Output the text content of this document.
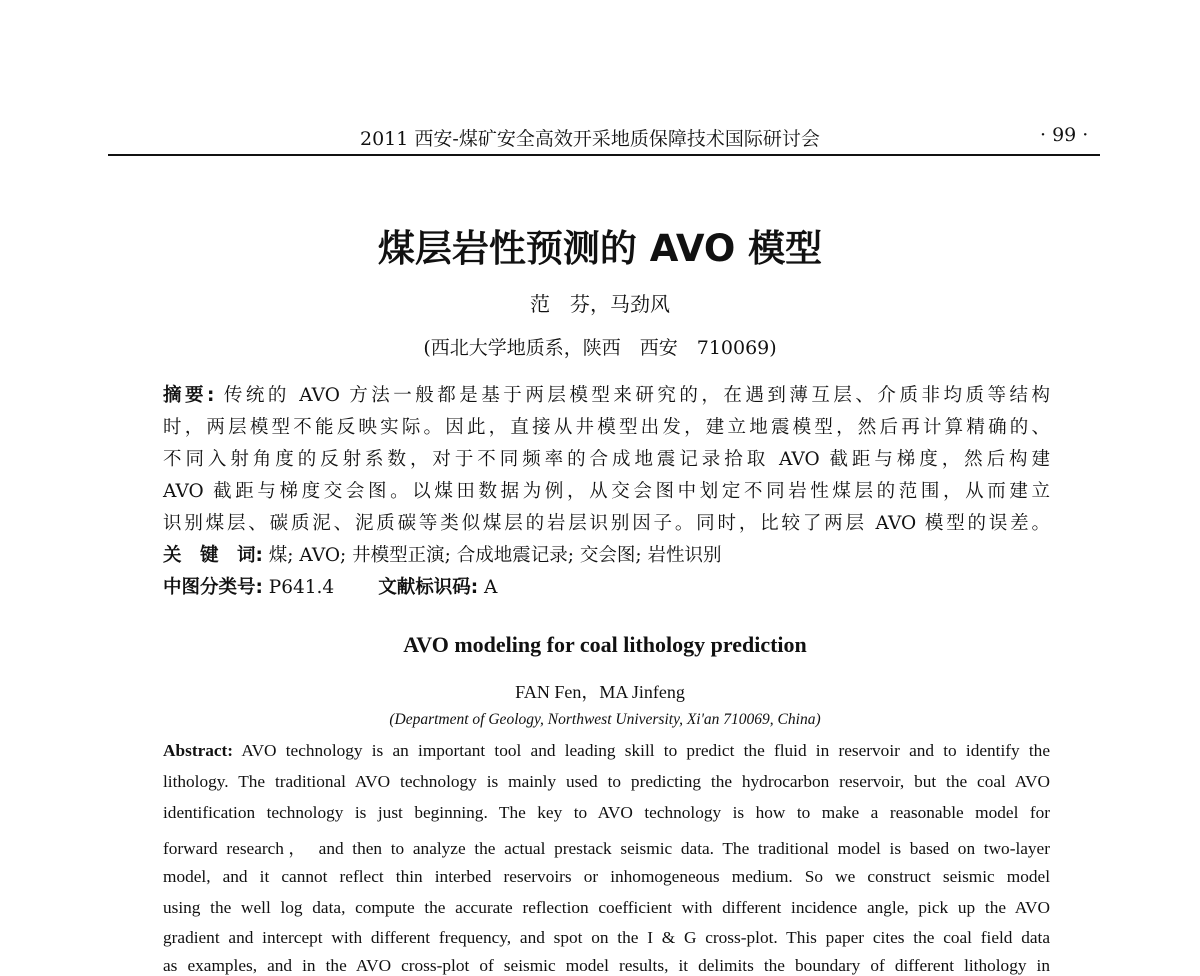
2011 西安-煤矿安全高效开采地质保障技术国际研讨会	· 99 ·
煤层岩性预测的 AVO 模型
范　芬，马劲风
(西北大学地质系，陕西　西安　710069)
摘要: 传统的 AVO 方法一般都是基于两层模型来研究的，在遇到薄互层、介质非均质等结构
时，两层模型不能反映实际。因此，直接从井模型出发，建立地震模型，然后再计算精确的、
不同入射角度的反射系数，对于不同频率的合成地震记录拾取 AVO 截距与梯度，然后构建
AVO 截距与梯度交会图。以煤田数据为例，从交会图中划定不同岩性煤层的范围，从而建立
识别煤层、碳质泥、泥质碳等类似煤层的岩层识别因子。同时，比较了两层 AVO 模型的误差。
关　键　词: 煤; AVO; 井模型正演; 合成地震记录; 交会图; 岩性识别
中图分类号: P641.4 文献标识码: A
AVO modeling for coal lithology prediction
FAN Fen，MA Jinfeng
(Department of Geology, Northwest University, Xi'an 710069, China)
Abstract: AVO technology is an important tool and leading skill to predict the fluid in reservoir and to identify the
lithology. The traditional AVO technology is mainly used to predicting the hydrocarbon reservoir, but the coal AVO
identification technology is just beginning. The key to AVO technology is how to make a reasonable model for
forward research， and then to analyze the actual prestack seismic data. The traditional model is based on two-layer
model, and it cannot reflect thin interbed reservoirs or inhomogeneous medium. So we construct seismic model
using the well log data, compute the accurate reflection coefficient with different incidence angle, pick up the AVO
gradient and intercept with different frequency, and spot on the I & G cross-plot. This paper cites the coal field data
as examples, and in the AVO cross-plot of seismic model results, it delimits the boundary of different lithology in
